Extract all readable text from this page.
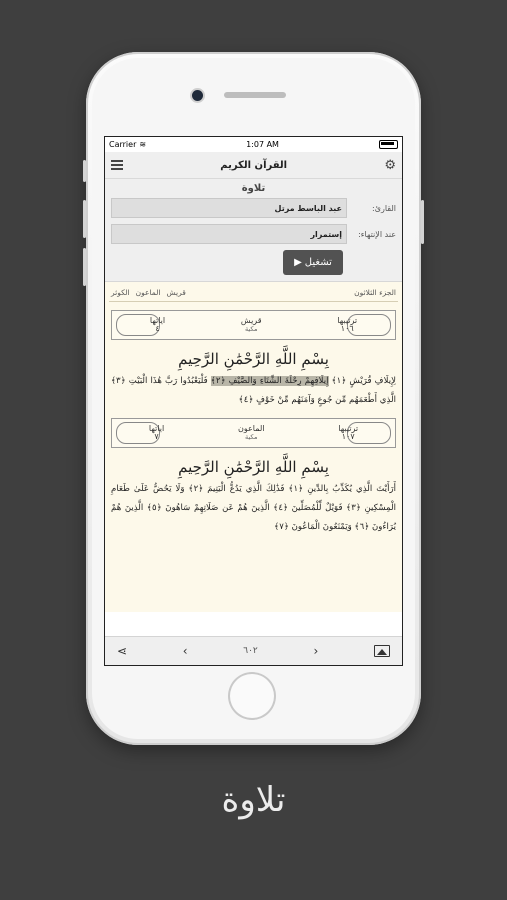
Carrier ≋	1:07 AM
القرآن الكريم	⚙
تلاوة
القارئ:
عبد الباسط مرتل
عند الإنتهاء:
إستمرار
تشغيل
▶
الجزء الثلاثون
قريش
الماعون
الكوثر
ترتيبها
١٠٦
قريش
مكية
اياتها
٤
بِسْمِ اللَّهِ الرَّحْمَٰنِ الرَّحِيمِ
لِإِيلَافِ قُرَيْشٍ ﴿١﴾ إِيلَافِهِمْ رِحْلَةَ الشِّتَاءِ وَالصَّيْفِ ﴿٢﴾ فَلْيَعْبُدُوا رَبَّ هَٰذَا الْبَيْتِ ﴿٣﴾ الَّذِي أَطْعَمَهُم مِّن جُوعٍ وَآمَنَهُم مِّنْ خَوْفٍ ﴿٤﴾
ترتيبها
١٠٧
الماعون
مكية
اياتها
٧
بِسْمِ اللَّهِ الرَّحْمَٰنِ الرَّحِيمِ
أَرَأَيْتَ الَّذِي يُكَذِّبُ بِالدِّينِ ﴿١﴾ فَذَٰلِكَ الَّذِي يَدُعُّ الْيَتِيمَ ﴿٢﴾ وَلَا يَحُضُّ عَلَىٰ طَعَامِ الْمِسْكِينِ ﴿٣﴾ فَوَيْلٌ لِّلْمُصَلِّينَ ﴿٤﴾ الَّذِينَ هُمْ عَن صَلَاتِهِمْ سَاهُونَ ﴿٥﴾ الَّذِينَ هُمْ يُرَاءُونَ ﴿٦﴾ وَيَمْنَعُونَ الْمَاعُونَ ﴿٧﴾
⋖	‹	٦٠٢	›
تلاوة
